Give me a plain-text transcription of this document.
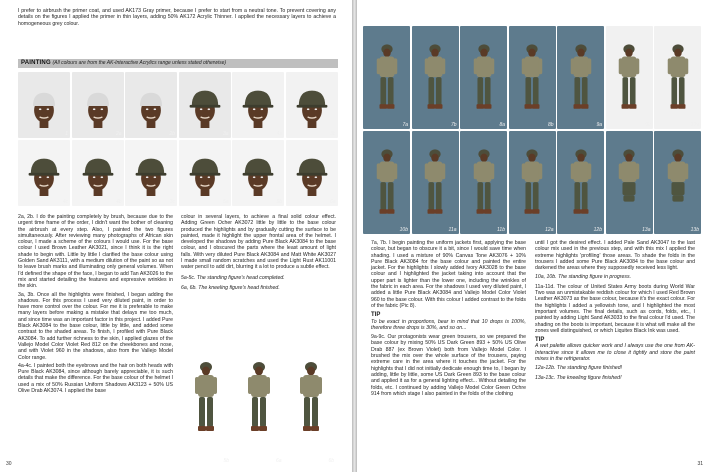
I prefer to airbrush the primer coat, and used AK173 Gray primer, because I prefer to start from a neutral tone. To prevent covering any details on the figures I applied the primer in thin layers, adding 50% AK172 Acrylic Thinner. I applied the necessary layers to achieve a homogeneous grey colour.
PAINTING (All colours are from the AK-Interactive Acrylics range unless stated otherwise)
1	2a	2b	3a	4a	3b
4c	4b	3c	5a	5b	6a

2a, 2b. I do the painting completely by brush, because due to the urgent time frame of the order, I didn't want the bother of cleaning the airbrush at every step. Also, I painted the two figures simultaneously. After reviewing many photographs of African skin colour, I made a scheme of the colours I would use. For the base colour I used Brown Leather AK3021, since I think it is the right shade to begin with. Little by little I clarified the base colour using Golden Sand AK3111, with a medium dilution of the paint so as not to leave brush marks and illuminating only general volumes. When I'd defined the shape of the face, I began to add Tan AK3026 to the mix and started detailing the features and expressive wrinkles in the skin.

3a, 3b. Once all the highlights were finished, I began adding the shadows. For this process I used very diluted paint, in order to have more control over the colour. For me it is preferable to make many layers before making a mistake that delays me too much, and since time was an important factor in this project. I added Pure Black AK3084 to the base colour, little by little, and added some contrast to the shaded areas. To finish, I profiled with Pure Black AK3084. To add further richness to the skin, I applied glazes of the Vallejo Model Color Violet Red 812 on the cheekbones and nose, and with Violet 960 in the shadows, also from the Vallejo Model Color range.

4a-4c. I painted both the eyebrows and the hair on both heads with Pure Black AK3084, since although barely appreciable, it is such details that make the difference. For the base colour of the helmet I used a mix of 50% Russian Uniform Shadows AK3123 + 50% US Olive Drab AK3074. I applied the base

colour in several layers, to achieve a final solid colour effect. Adding Green Ocher AK3072 little by little to the base colour produced the highlights and by gradually cutting the surface to be painted, made it highlight the upper frontal area of the helmet. I developed the shadows by adding Pure Black AK3084 to the base colour, and I obscured the parts where the least amount of light falls. With very diluted Pure Black AK3084 and Matt White AK3027 I made small random scratches and used the Light Rust AK11001 water pencil to add dirt, blurring it a lot to produce a subtle effect.

5a-5c. The standing figure's head completed.

6a, 6b. The kneeling figure's head finished.

5b	6a	6b
30
7a	7b	8a	8b	9a	9b	10a
10b	11a	11b	12a	12b	13a	13b

7a, 7b. I begin painting the uniform jackets first, applying the base colour, but began to obscure it a bit, since I would save time when shading. I used a mixture of 90% Canvas Tone AK3076 + 10% Pure Black AK3084 for the base colour and painted the entire jacket. For the highlights I slowly added Ivory AK3028 to the base colour and I highlighted the jacket taking into account that the upper part is lighter than the lower one, including the wrinkles of the fabric in each area. For the shadows I used very diluted paint, I added a little Pure Black AK3084 and Vallejo Model Color Violet 960 to the base colour. With this colour I added contrast to the folds of the fabric (Pic 8).

TIP

To be exact in proportions, bear in mind that 10 drops is 100%, therefore three drops is 30%, and so on...

9a-9c. Our protagonists wear green trousers, so we prepared the base colour by mixing 50% US Dark Green 893 + 50% US Olive Drab 887 (ex Brown Violet) both from Vallejo Model Color. I brushed the mix over the whole surface of the trousers, paying extreme care in the area where it touches the jacket. For the highlights that I did not initially dedicate enough time to, I began by adding, little by little, some US Dark Green 893 to the base colour and applied it as for a general lighting effect... Without detailing the folds, etc. I continued by adding Vallejo Model Color Green Ochre 914 from which stage I also painted in the folds of the clothing

until I got the desired effect. I added Pale Sand AK3047 to the last colour mix used in the previous step, and with this mix I applied the extreme highlights 'profiling' those areas. To shade the folds in the trousers I added some Pure Black AK3084 to the base colour and darkened the areas where they supposedly received less light.

10a, 10b. The standing figure in progress.

11a-11d. The colour of United States Army boots during World War Two was an unmistakable reddish colour for which I used Red Brown Leather AK3073 as the base colour, because it's the exact colour. For the highlights I added a yellowish tone, and I highlighted the most important volumes. The final details, such as cords, folds, etc., I painted by adding Light Sand AK3033 to the final colour I'd used. The shading on the boots is important, because it is what will make all the zones well distinguished, or which Liquitex Black Ink was used.

TIP

A wet palette allows quicker work and I always use the one from AK-Interactive since it allows me to close it tightly and store the paint mixes in the refrigerator.

12a-12b. The standing figure finished!

13a-13c. The kneeling figure finished!

31
